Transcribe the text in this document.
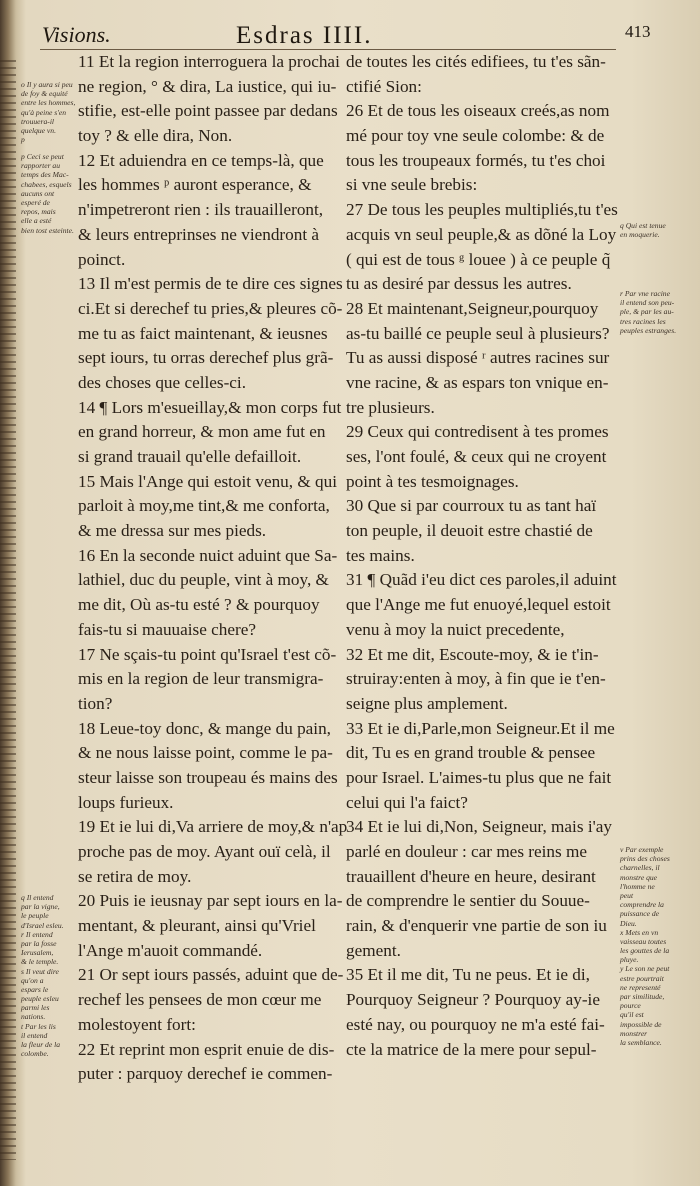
Visions.	Esdras IIII.	413
o Il y aura si peu
de foy & equité
entre les hommes,
qu'à peine s'en
trouuera-il
quelque vn.
p
p Ceci se peut
rapporter au
temps des Mac-
chabees, esquels
aucuns ont
esperé de
repos, mais
elle a esté
bien tost esteinte.
q Il entend
par la vigne,
le peuple
d'Israel esleu.
r Il entend
par la fosse
Ierusalem,
& le temple.
s Il veut dire
qu'on a
espars le
peuple esleu
parmi les
nations.
t Par les lis
il entend
la fleur de la
colombe.
11 Et la region interroguera la prochai
ne region, ° & dira, La iustice, qui iu-
stifie, est-elle point passee par dedans
toy ? & elle dira, Non.
12 Et aduiendra en ce temps-là, que
les hommes ᵖ auront esperance, &
n'impetreront rien : ils trauailleront,
& leurs entreprinses ne viendront à
poinct.
13 Il m'est permis de te dire ces signes
ci.Et si derechef tu pries,& pleures cõ-
me tu as faict maintenant, & ieusnes
sept iours, tu orras derechef plus grã-
des choses que celles-ci.
14 ¶ Lors m'esueillay,& mon corps fut
en grand horreur, & mon ame fut en
si grand trauail qu'elle defailloit.
15 Mais l'Ange qui estoit venu, & qui
parloit à moy,me tint,& me conforta,
& me dressa sur mes pieds.
16 En la seconde nuict aduint que Sa-
lathiel, duc du peuple, vint à moy, &
me dit, Où as-tu esté ? & pourquoy
fais-tu si mauuaise chere?
17 Ne sçais-tu point qu'Israel t'est cõ-
mis en la region de leur transmigra-
tion?
18 Leue-toy donc, & mange du pain,
& ne nous laisse point, comme le pa-
steur laisse son troupeau és mains des
loups furieux.
19 Et ie lui di,Va arriere de moy,& n'ap
proche pas de moy. Ayant ouï celà, il
se retira de moy.
20 Puis ie ieusnay par sept iours en la-
mentant, & pleurant, ainsi qu'Vriel
l'Ange m'auoit commandé.
21 Or sept iours passés, aduint que de-
rechef les pensees de mon cœur me
molestoyent fort:
22 Et reprint mon esprit enuie de dis-
puter : parquoy derechef ie commen-
de toutes les cités edifiees, tu t'es sãn-
ctifié Sion:
26 Et de tous les oiseaux creés,as nom
mé pour toy vne seule colombe: & de
tous les troupeaux formés, tu t'es choi
si vne seule brebis:
27 De tous les peuples multipliés,tu t'es
acquis vn seul peuple,& as dõné la Loy
( qui est de tous ᵍ louee ) à ce peuple q̃
tu as desiré par dessus les autres.
28 Et maintenant,Seigneur,pourquoy
as-tu baillé ce peuple seul à plusieurs?
Tu as aussi disposé ʳ autres racines sur
vne racine, & as espars ton vnique en-
tre plusieurs.
29 Ceux qui contredisent à tes promes
ses, l'ont foulé, & ceux qui ne croyent
point à tes tesmoignages.
30 Que si par courroux tu as tant haï
ton peuple, il deuoit estre chastié de
tes mains.
31 ¶ Quãd i'eu dict ces paroles,il aduint
que l'Ange me fut enuoyé,lequel estoit
venu à moy la nuict precedente,
32 Et me dit, Escoute-moy, & ie t'in-
struiray:enten à moy, à fin que ie t'en-
seigne plus amplement.
33 Et ie di,Parle,mon Seigneur.Et il me
dit, Tu es en grand trouble & pensee
pour Israel. L'aimes-tu plus que ne fait
celui qui l'a faict?
34 Et ie lui di,Non, Seigneur, mais i'ay
parlé en douleur : car mes reins me
trauaillent d'heure en heure, desirant
de comprendre le sentier du Souue-
rain, & d'enquerir vne partie de son iu
gement.
35 Et il me dit, Tu ne peus. Et ie di,
Pourquoy Seigneur ? Pourquoy ay-ie
esté nay, ou pourquoy ne m'a esté fai-
cte la matrice de la mere pour sepul-
q Qui est tenue
en moquerie.
r Par vne racine
il entend son peu-
ple, & par les au-
tres racines les
peuples estranges.
v Par exemple
prins des choses
charnelles, il
monstre que
l'homme ne
peut
comprendre la
puissance de
Dieu.
x Mets en vn
vaisseau toutes
les gouttes de la
pluye.
y Le son ne peut
estre pourtrait
ne representé
par similitude,
pource
qu'il est
impossible de
monstrer
la semblance.
